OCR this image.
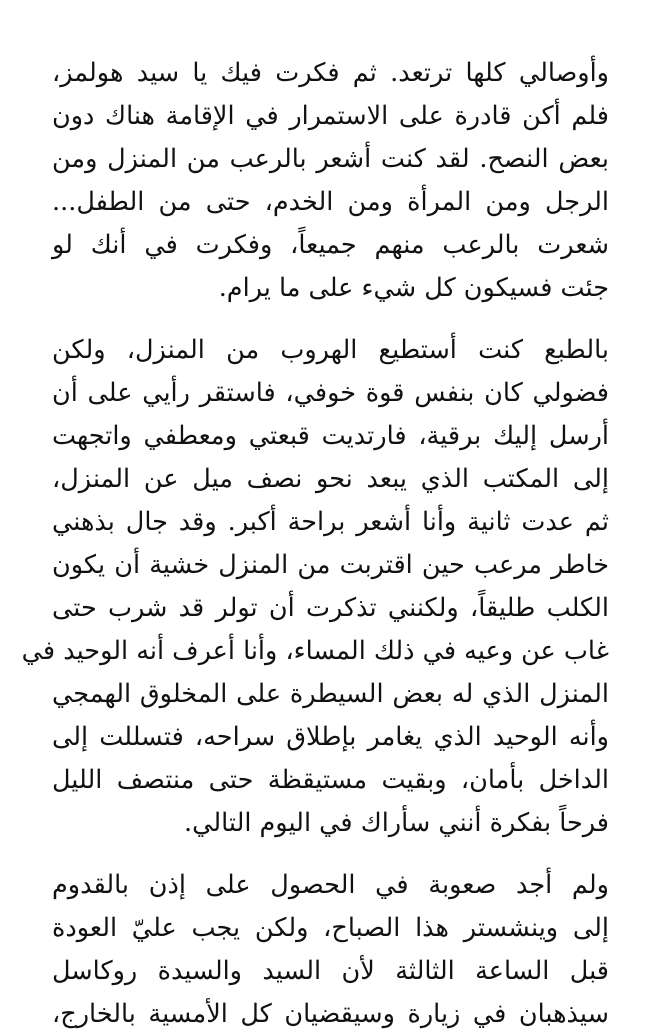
وأوصالي كلها ترتعد. ثم فكرت فيك يا سيد هولمز،
فلم أكن قادرة على الاستمرار في الإقامة هناك دون
بعض النصح. لقد كنت أشعر بالرعب من المنزل ومن
الرجل ومن المرأة ومن الخدم، حتى من الطفل...
شعرت بالرعب منهم جميعاً، وفكرت في أنك لو
جئت فسيكون كل شيء على ما يرام.
بالطبع كنت أستطيع الهروب من المنزل، ولكن
فضولي كان بنفس قوة خوفي، فاستقر رأيي على أن
أرسل إليك برقية، فارتديت قبعتي ومعطفي واتجهت
إلى المكتب الذي يبعد نحو نصف ميل عن المنزل،
ثم عدت ثانية وأنا أشعر براحة أكبر. وقد جال بذهني
خاطر مرعب حين اقتربت من المنزل خشية أن يكون
الكلب طليقاً، ولكنني تذكرت أن تولر قد شرب حتى
غاب عن وعيه في ذلك المساء، وأنا أعرف أنه الوحيد في
المنزل الذي له بعض السيطرة على المخلوق الهمجي
وأنه الوحيد الذي يغامر بإطلاق سراحه، فتسللت إلى
الداخل بأمان، وبقيت مستيقظة حتى منتصف الليل
فرحاً بفكرة أنني سأراك في اليوم التالي.
ولم أجد صعوبة في الحصول على إذن بالقدوم
إلى وينشستر هذا الصباح، ولكن يجب عليّ العودة
قبل الساعة الثالثة لأن السيد والسيدة روكاسل
سيذهبان في زيارة وسيقضيان كل الأمسية بالخارج،
